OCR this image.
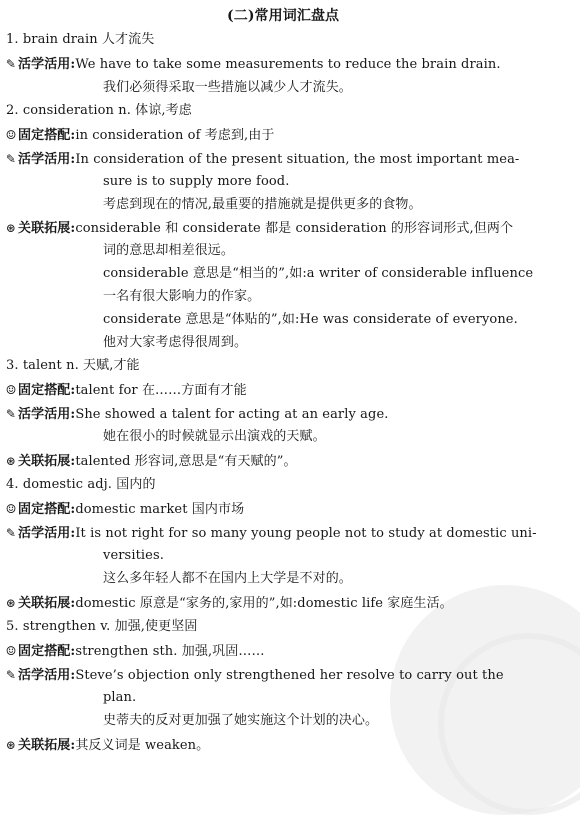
(二)常用词汇盘点
1. brain drain 人才流失
✎ 活学活用:We have to take some measurements to reduce the brain drain.
我们必须得采取一些措施以减少人才流失。
2. consideration n. 体谅,考虑
☺ 固定搭配:in consideration of 考虑到,由于
✎ 活学活用:In consideration of the present situation, the most important mea-
sure is to supply more food.
考虑到现在的情况,最重要的措施就是提供更多的食物。
⊛ 关联拓展:considerable 和 considerate 都是 consideration 的形容词形式,但两个
词的意思却相差很远。
considerable 意思是“相当的”,如:a writer of considerable influence
一名有很大影响力的作家。
considerate 意思是“体贴的”,如:He was considerate of everyone.
他对大家考虑得很周到。
3. talent n. 天赋,才能
☺ 固定搭配:talent for 在……方面有才能
✎ 活学活用:She showed a talent for acting at an early age.
她在很小的时候就显示出演戏的天赋。
⊛ 关联拓展:talented 形容词,意思是“有天赋的”。
4. domestic adj. 国内的
☺ 固定搭配:domestic market 国内市场
✎ 活学活用:It is not right for so many young people not to study at domestic uni-
versities.
这么多年轻人都不在国内上大学是不对的。
⊛ 关联拓展:domestic 原意是“家务的,家用的”,如:domestic life 家庭生活。
5. strengthen v. 加强,使更坚固
☺ 固定搭配:strengthen sth. 加强,巩固……
✎ 活学活用:Steve’s objection only strengthened her resolve to carry out the
plan.
史蒂夫的反对更加强了她实施这个计划的决心。
⊛ 关联拓展:其反义词是 weaken。
